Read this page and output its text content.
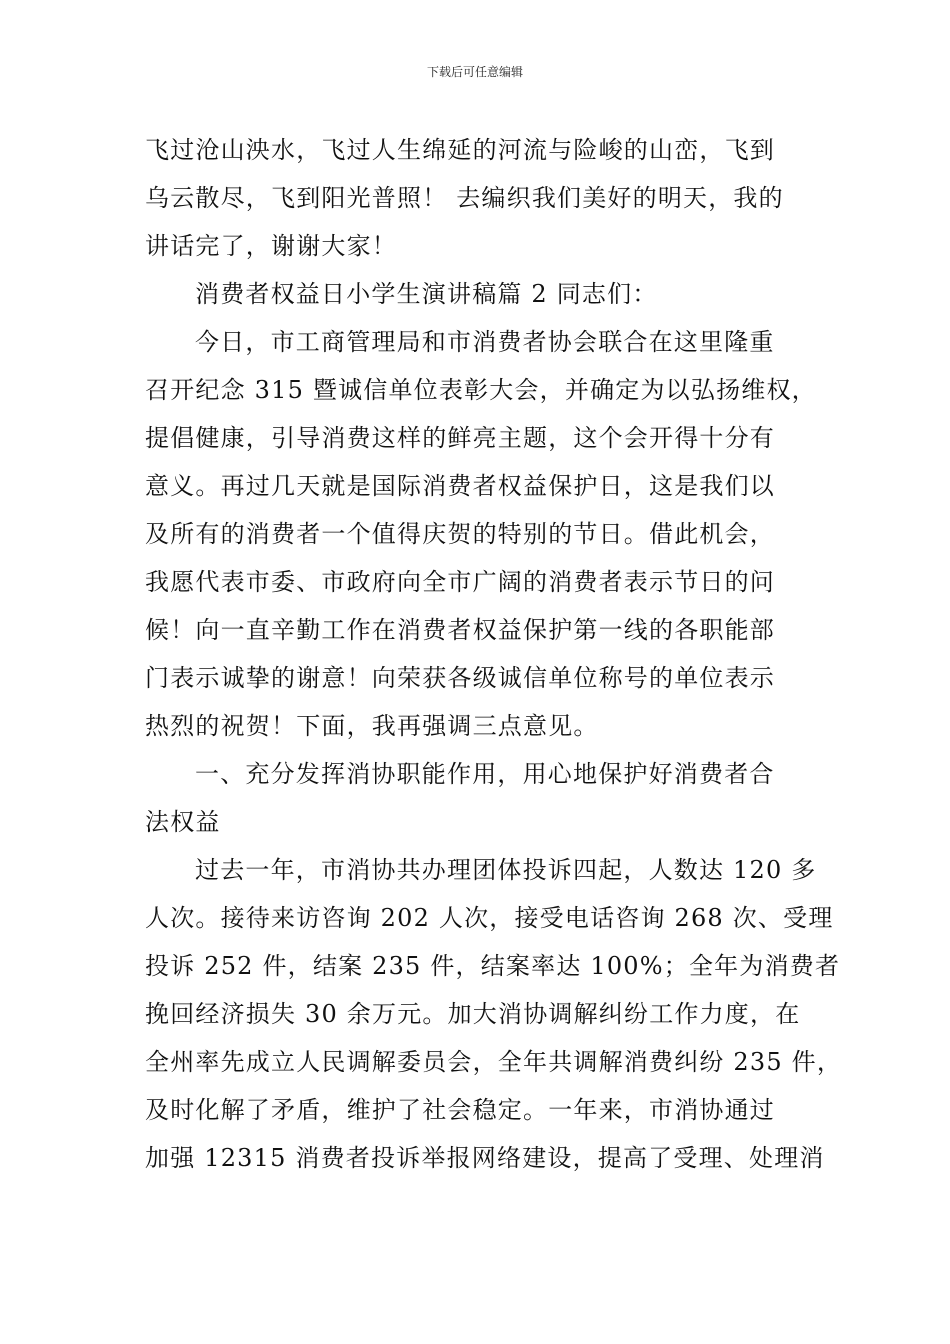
下载后可任意编辑
飞过沧山泱水，飞过人生绵延的河流与险峻的山峦，飞到
乌云散尽，飞到阳光普照！ 去编织我们美好的明天，我的
讲话完了，谢谢大家！
消费者权益日小学生演讲稿篇 2 同志们：
今日，市工商管理局和市消费者协会联合在这里隆重
召开纪念 315 暨诚信单位表彰大会，并确定为以弘扬维权，
提倡健康，引导消费这样的鲜亮主题，这个会开得十分有
意义。再过几天就是国际消费者权益保护日，这是我们以
及所有的消费者一个值得庆贺的特别的节日。借此机会，
我愿代表市委、市政府向全市广阔的消费者表示节日的问
候！向一直辛勤工作在消费者权益保护第一线的各职能部
门表示诚挚的谢意！向荣获各级诚信单位称号的单位表示
热烈的祝贺！下面，我再强调三点意见。
一、充分发挥消协职能作用，用心地保护好消费者合
法权益
过去一年，市消协共办理团体投诉四起，人数达 120 多
人次。接待来访咨询 202 人次，接受电话咨询 268 次、受理
投诉 252 件，结案 235 件，结案率达 100%；全年为消费者
挽回经济损失 30 余万元。加大消协调解纠纷工作力度，在
全州率先成立人民调解委员会，全年共调解消费纠纷 235 件，
及时化解了矛盾，维护了社会稳定。一年来，市消协通过
加强 12315 消费者投诉举报网络建设，提高了受理、处理消
